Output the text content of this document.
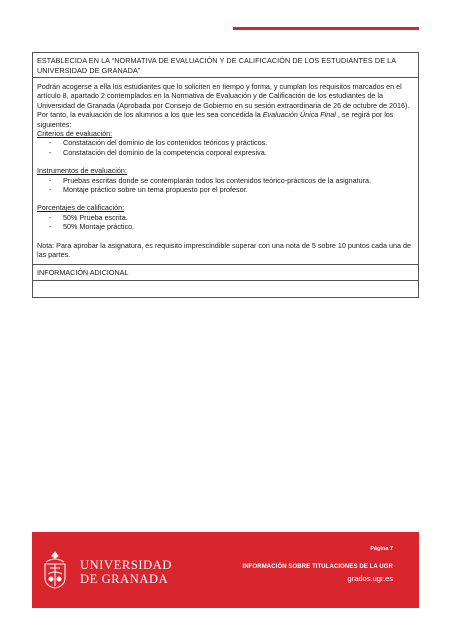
ESTABLECIDA EN LA “NORMATIVA DE EVALUACIÓN Y DE CALIFICACIÓN DE LOS ESTUDIANTES DE LA UNIVERSIDAD DE GRANADA”

Podrán acogerse a ella los estudiantes que lo soliciten en tiempo y forma, y cumplan los requisitos marcados en el artículo 8, apartado 2 contemplados en la Normativa de Evaluación y de Calificación de los estudiantes de la Universidad de Granada (Aprobada por Consejo de Gobierno en su sesión extraordinaria de 26 de octubre de 2016).

Por tanto, la evaluación de los alumnos a los que les sea concedida la Evaluación Única Final , se regirá por los siguientes:

Criterios de evaluación:

- Constatación del dominio de los contenidos teóricos y prácticos.
- Constatación del dominio de la competencia corporal expresiva.

Instrumentos de evaluación:

- Pruebas escritas donde se contemplarán todos los contenidos teórico-prácticos de la asignatura.
- Montaje práctico sobre un tema propuesto por el profesor.

Porcentajes de calificación:

- 50% Prueba escrita.
- 50% Montaje práctico.

Nota: Para aprobar la asignatura, es requisito imprescindible superar con una nota de 5 sobre 10 puntos cada una de las partes.

INFORMACIÓN ADICIONAL
UNIVERSIDAD
DE GRANADA
Página 7
INFORMACIÓN SOBRE TITULACIONES DE LA UGR
grados.ugr.es
